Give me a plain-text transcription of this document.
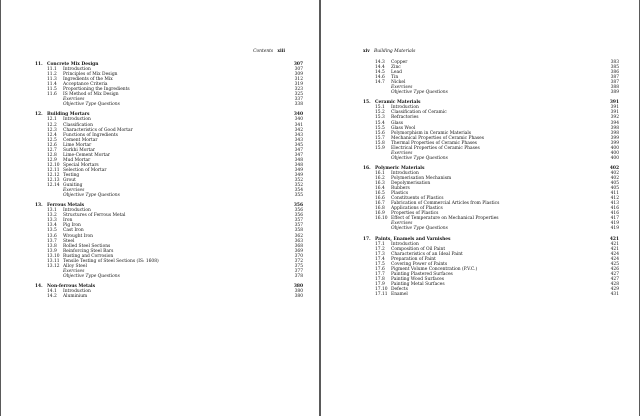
Contents xiii
11. Concrete Mix Design	307
11.1 Introduction	307
11.2 Principles of Mix Design	309
11.3 Ingredients of the Mix	312
11.4 Acceptance Criteria	319
11.5 Proportioning the Ingredients	323
11.6 IS Method of Mix Design	325
Exercises	337
Objective Type Questions	338
12. Building Mortars	340
12.1 Introduction	340
12.2 Classification	341
12.3 Characteristics of Good Mortar	342
12.4 Functions of Ingredients	343
12.5 Cement Mortar	343
12.6 Lime Mortar	345
12.7 Surkhi Mortar	347
12.8 Lime-Cement Mortar	347
12.9 Mud Mortar	348
12.10 Special Mortars	348
12.11 Selection of Mortar	349
12.12 Testing	349
12.13 Grout	352
12.14 Guniting	352
Exercises	354
Objective Type Questions	355
13. Ferrous Metals	356
13.1 Introduction	356
13.2 Structures of Ferrous Metal	356
13.3 Iron	357
13.4 Pig Iron	357
13.5 Cast Iron	358
13.6 Wrought Iron	362
13.7 Steel	363
13.8 Rolled Steel Sections	368
13.9 Reinforcing Steel Bars	369
13.10 Rusting and Corrosion	370
13.11 Tensile Testing of Steel Sections (IS: 1608)	372
13.12 Alloy Steel	375
Exercises	377
Objective Type Questions	378
14. Non-ferrous Metals	380
14.1 Introduction	380
14.2 Aluminium	380
xiv Building Materials
14.3 Copper	383
14.4 Zinc	385
14.5 Lead	386
14.6 Tin	387
14.7 Nickel	387
Exercises	388
Objective Type Questions	389
15. Ceramic Materials	391
15.1 Introduction	391
15.2 Classification of Ceramic	391
15.3 Refractories	392
15.4 Glass	394
15.5 Glass Wool	398
15.6 Polymorphism in Ceramic Materials	398
15.7 Mechanical Properties of Ceramic Phases	399
15.8 Thermal Properties of Ceramic Phases	399
15.9 Electrical Properties of Ceramic Phases	400
Exercises	400
Objective Type Questions	400
16. Polymeric Materials	402
16.1 Introduction	402
16.2 Polymerisation Mechanism	402
16.3 Depolymerisation	405
16.4 Rubbers	405
16.5 Plastics	411
16.6 Constituents of Plastics	412
16.7 Fabrication of Commercial Articles from Plastics	413
16.8 Applications of Plastics	416
16.9 Properties of Plastics	416
16.10 Effect of Temperature on Mechanical Properties	417
Exercises	419
Objective Type Questions	419
17. Paints, Enamels and Varnishes	421
17.1 Introduction	421
17.2 Composition of Oil Paint	421
17.3 Characteristics of an Ideal Paint	424
17.4 Preparation of Paint	424
17.5 Covering Power of Paints	425
17.6 Pigment Volume Concentration (P.V.C.)	426
17.7 Painting Plastered Surfaces	427
17.8 Painting Wood Surfaces	427
17.9 Painting Metal Surfaces	428
17.10 Defects	429
17.11 Enamel	431
